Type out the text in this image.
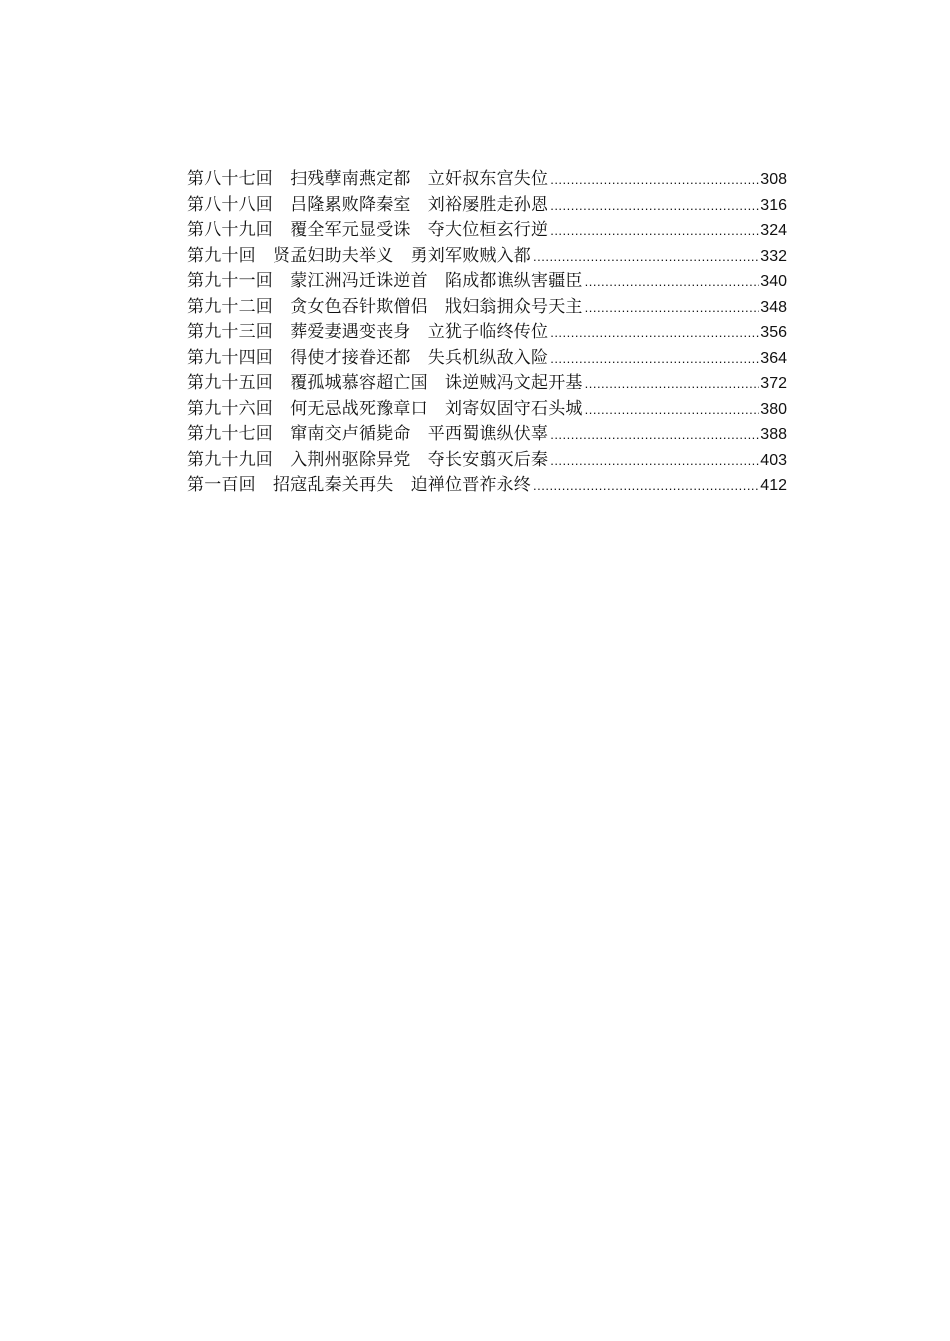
第八十七回　扫残孽南燕定都　立奸叔东宫失位 .....	308
第八十八回　吕隆累败降秦室　刘裕屡胜走孙恩 .....	316
第八十九回　覆全军元显受诛　夺大位桓玄行逆 .....	324
第九十回　贤孟妇助夫举义　勇刘军败贼入都 .....	332
第九十一回　蒙江洲冯迁诛逆首　陷成都谯纵害疆臣 .....	340
第九十二回　贪女色吞针欺僧侣　戕妇翁拥众号天主 .....	348
第九十三回　葬爱妻遇变丧身　立犹子临终传位 .....	356
第九十四回　得使才接眷还都　失兵机纵敌入险 .....	364
第九十五回　覆孤城慕容超亡国　诛逆贼冯文起开基 .....	372
第九十六回　何无忌战死豫章口　刘寄奴固守石头城 .....	380
第九十七回　窜南交卢循毙命　平西蜀谯纵伏辜 .....	388
第九十九回　入荆州驱除异党　夺长安翦灭后秦 .....	403
第一百回　招寇乱秦关再失　迫禅位晋祚永终 .....	412
